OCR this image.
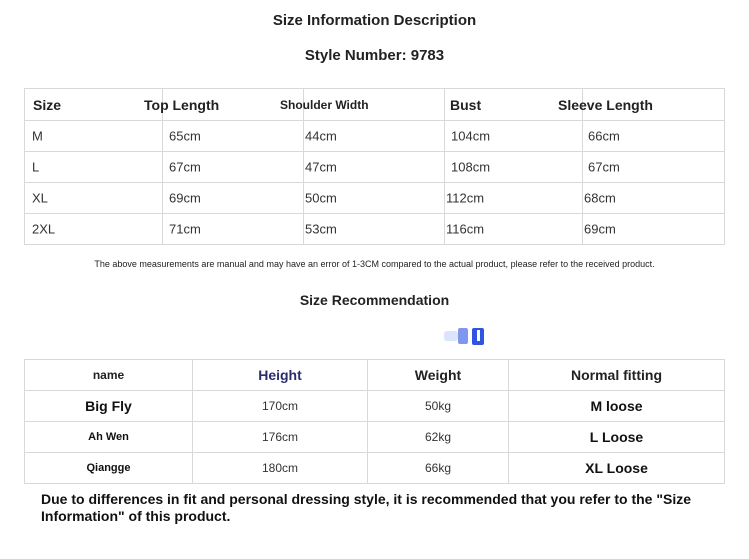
Size Information Description
Style Number: 9783
Size	Top Length	Shoulder Width	Bust	Sleeve Length

M	65cm	44cm	104cm	66cm

L	67cm	47cm	108cm	67cm

XL	69cm	50cm	112cm	68cm

2XL	71cm	53cm	116cm	69cm
The above measurements are manual and may have an error of 1-3CM compared to the actual product, please refer to the received product.
Size Recommendation
name	Height	Weight	Normal fitting
Big Fly	170cm	50kg	M loose
Ah Wen	176cm	62kg	L Loose
Qiangge	180cm	66kg	XL Loose
Due to differences in fit and personal dressing style, it is recommended that you refer to the "Size Information" of this product.
